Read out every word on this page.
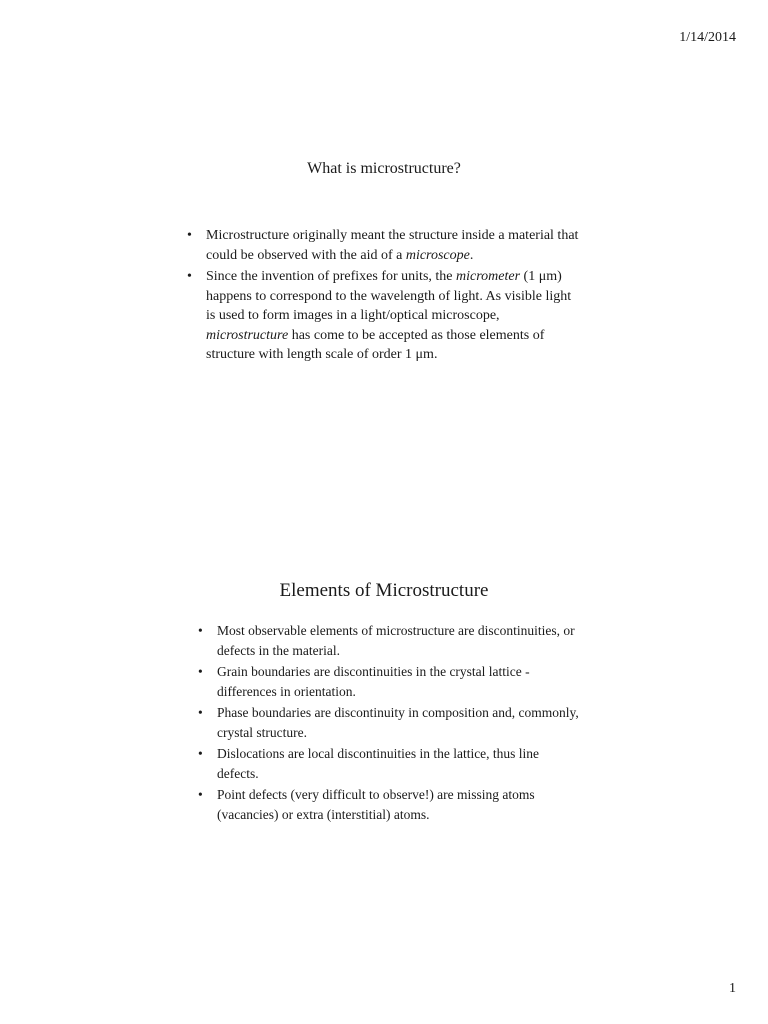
1/14/2014
What is microstructure?
• Microstructure originally meant the structure inside a material that could be observed with the aid of a microscope.
• Since the invention of prefixes for units, the micrometer (1 μm) happens to correspond to the wavelength of light. As visible light is used to form images in a light/optical microscope, microstructure has come to be accepted as those elements of structure with length scale of order 1 μm.
Elements of Microstructure
• Most observable elements of microstructure are discontinuities, or defects in the material.
• Grain boundaries are discontinuities in the crystal lattice - differences in orientation.
• Phase boundaries are discontinuity in composition and, commonly, crystal structure.
• Dislocations are local discontinuities in the lattice, thus line defects.
• Point defects (very difficult to observe!) are missing atoms (vacancies) or extra (interstitial) atoms.
1
